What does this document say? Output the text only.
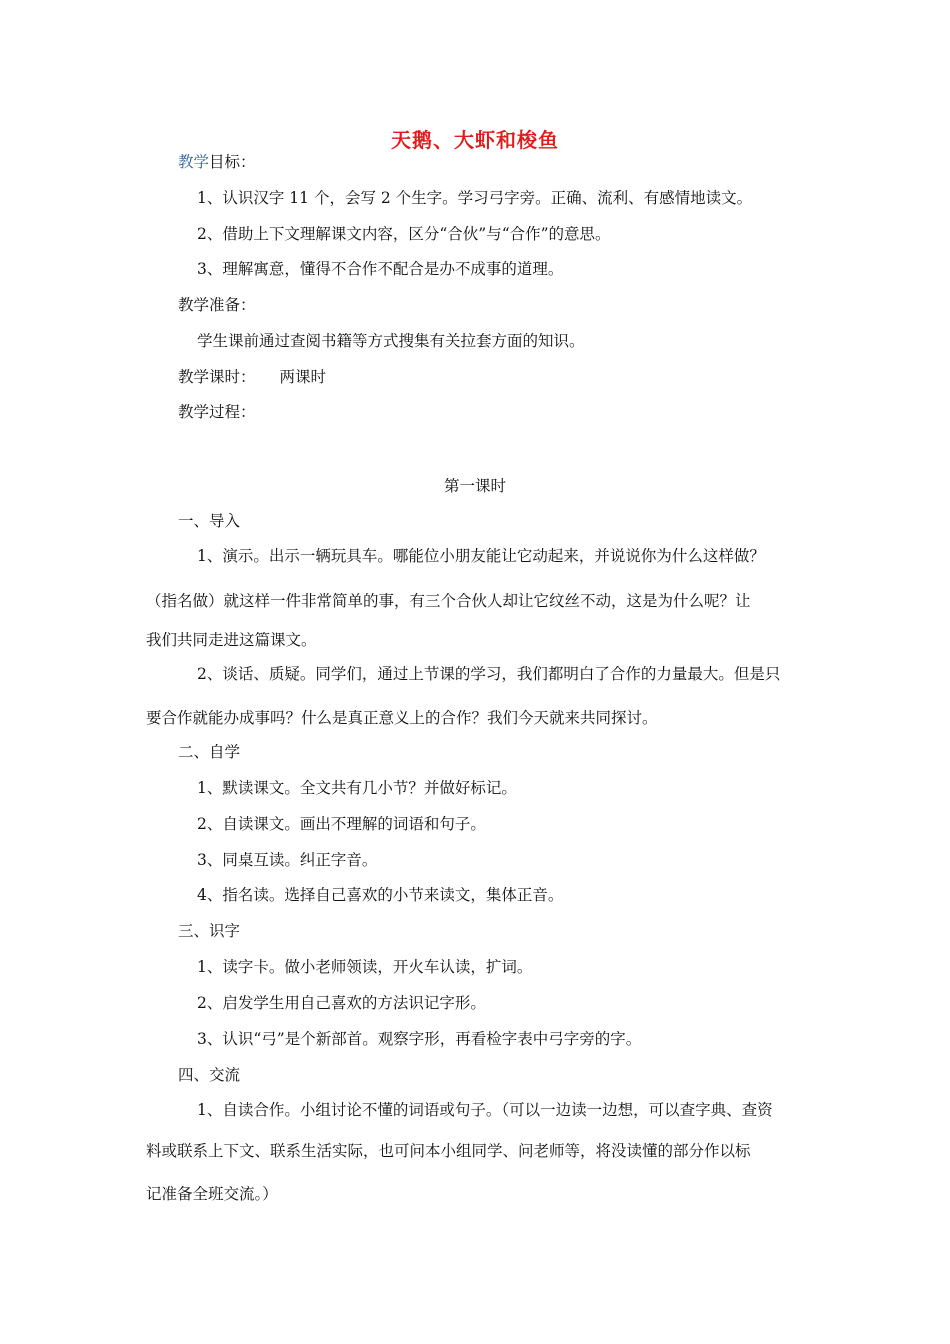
天鹅、大虾和梭鱼
教学目标：
1、认识汉字 11 个，会写 2 个生字。学习弓字旁。正确、流利、有感情地读文。
2、借助上下文理解课文内容，区分“合伙”与“合作”的意思。
3、理解寓意，懂得不合作不配合是办不成事的道理。
教学准备：
学生课前通过查阅书籍等方式搜集有关拉套方面的知识。
教学课时： 两课时
教学过程：
第一课时
一、导入
1、演示。出示一辆玩具车。哪能位小朋友能让它动起来，并说说你为什么这样做？
（指名做）就这样一件非常简单的事，有三个合伙人却让它纹丝不动，这是为什么呢？让
我们共同走进这篇课文。
2、谈话、质疑。同学们，通过上节课的学习，我们都明白了合作的力量最大。但是只
要合作就能办成事吗？什么是真正意义上的合作？我们今天就来共同探讨。
二、自学
1、默读课文。全文共有几小节？并做好标记。
2、自读课文。画出不理解的词语和句子。
3、同桌互读。纠正字音。
4、指名读。选择自己喜欢的小节来读文，集体正音。
三、识字
1、读字卡。做小老师领读，开火车认读，扩词。
2、启发学生用自己喜欢的方法识记字形。
3、认识“弓”是个新部首。观察字形，再看检字表中弓字旁的字。
四、交流
1、自读合作。小组讨论不懂的词语或句子。（可以一边读一边想，可以查字典、查资
料或联系上下文、联系生活实际，也可问本小组同学、问老师等，将没读懂的部分作以标
记准备全班交流。）
